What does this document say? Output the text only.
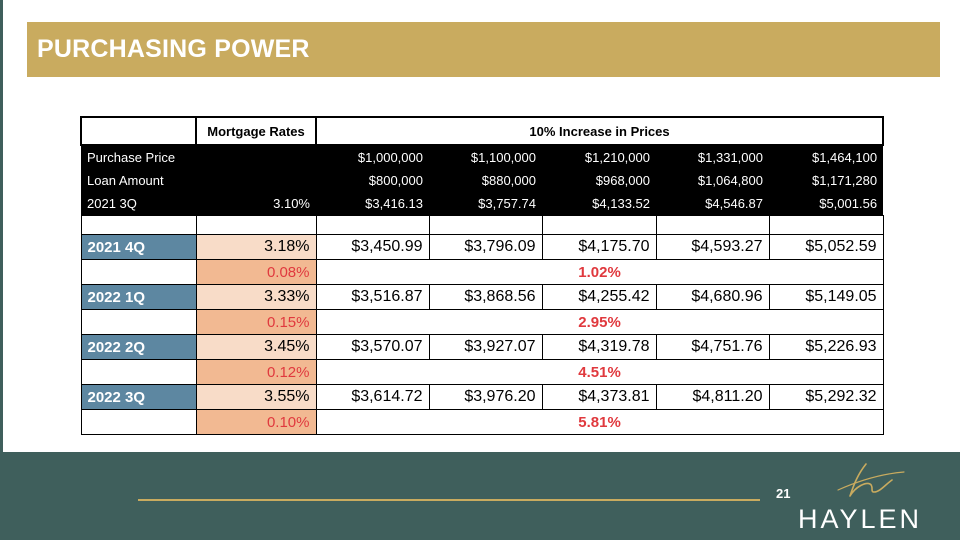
PURCHASING POWER
	Mortgage Rates	10% Increase in Prices				
Purchase Price		$1,000,000	$1,100,000	$1,210,000	$1,331,000	$1,464,100
Loan Amount		$800,000	$880,000	$968,000	$1,064,800	$1,171,280
2021 3Q	3.10%	$3,416.13	$3,757.74	$4,133.52	$4,546.87	$5,001.56

2021 4Q	3.18%	$3,450.99	$3,796.09	$4,175.70	$4,593.27	$5,052.59
	0.08%	1.02%				
2022 1Q	3.33%	$3,516.87	$3,868.56	$4,255.42	$4,680.96	$5,149.05
	0.15%	2.95%				
2022 2Q	3.45%	$3,570.07	$3,927.07	$4,319.78	$4,751.76	$5,226.93
	0.12%	4.51%				
2022 3Q	3.55%	$3,614.72	$3,976.20	$4,373.81	$4,811.20	$5,292.32
	0.10%	5.81%				
21
HAYLEN
